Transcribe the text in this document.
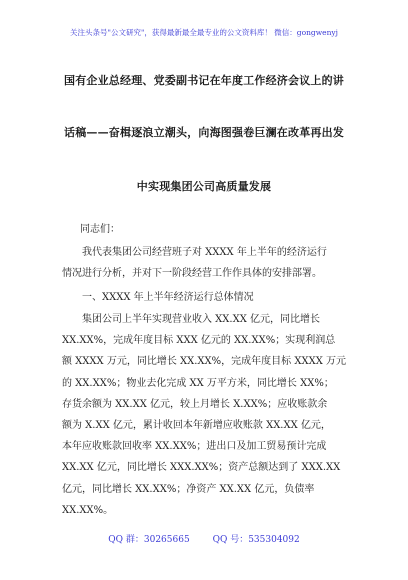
关注头条号"公文研究"，获得最新最全最专业的公文资料库！ 微信：gongwenyj
国有企业总经理、党委副书记在年度工作经济会议上的讲
话稿——奋楫逐浪立潮头，向海图强卷巨澜在改革再出发
中实现集团公司高质量发展
同志们：
　　我代表集团公司经营班子对 XXXX 年上半年的经济运行
情况进行分析，并对下一阶段经营工作作具体的安排部署。
　　一、XXXX 年上半年经济运行总体情况
　　集团公司上半年实现营业收入 XX.XX 亿元，同比增长
XX.XX%，完成年度目标 XXX 亿元的 XX.XX%；实现利润总
额 XXXX 万元，同比增长 XX.XX%，完成年度目标 XXXX 万元
的 XX.XX%；物业去化完成 XX 万平方米，同比增长 XX%；
存货余额为 XX.XX 亿元，较上月增长 X.XX%；应收账款余
额为 X.XX 亿元，累计收回本年新增应收账款 XX.XX 亿元，
本年应收账款回收率 XX.XX%；进出口及加工贸易预计完成
XX.XX 亿元，同比增长 XXX.XX%；资产总额达到了 XXX.XX
亿元，同比增长 XX.XX%；净资产 XX.XX 亿元，负债率
XX.XX%。
QQ 群：30265665	QQ 号：535304092
